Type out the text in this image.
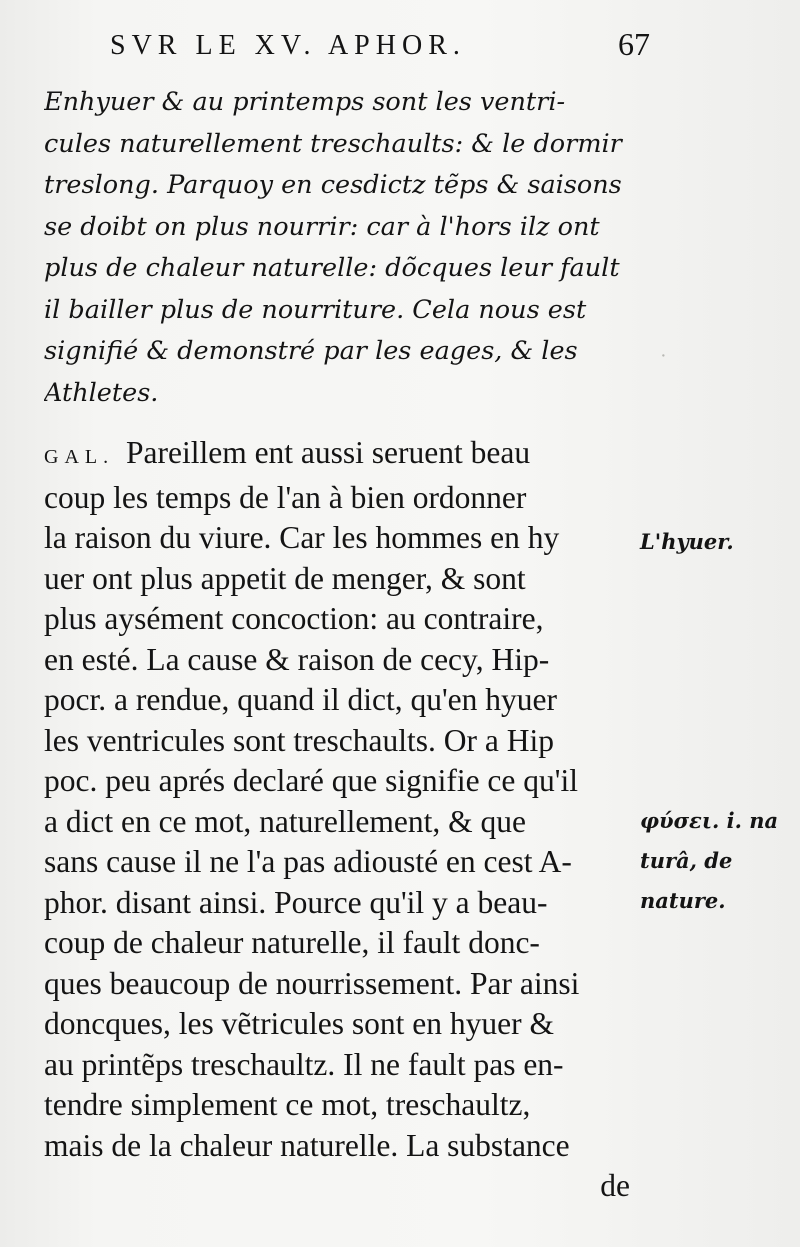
·
SVR LE XV. APHOR.	67
Enhyuer & au printemps sont les ventri-
cules naturellement treschaults: & le dormir
treslong. Parquoy en cesdictz tẽps & saisons
se doibt on plus nourrir: car à l'hors ilz ont
plus de chaleur naturelle: dõcques leur fault
il bailler plus de nourriture. Cela nous est
signifié & demonstré par les eages, & les
Athletes.
GAL. Pareillem ent aussi seruent beau
coup les temps de l'an à bien ordonner
la raison du viure. Car les hommes en hy
uer ont plus appetit de menger, & sont
plus aysément concoction: au contraire,
en esté. La cause & raison de cecy, Hip-
pocr. a rendue, quand il dict, qu'en hyuer
les ventricules sont treschaults. Or a Hip
poc. peu aprés declaré que signifie ce qu'il
a dict en ce mot, naturellement, & que
sans cause il ne l'a pas adiousté en cest A-
phor. disant ainsi. Pource qu'il y a beau-
coup de chaleur naturelle, il fault donc-
ques beaucoup de nourrissement. Par ainsi
doncques, les vẽtricules sont en hyuer &
au printẽps treschaultz. Il ne fault pas en-
tendre simplement ce mot, treschaultz,
mais de la chaleur naturelle. La substance
de
L'hyuer.
φύσει. i. na
turâ, de
nature.
